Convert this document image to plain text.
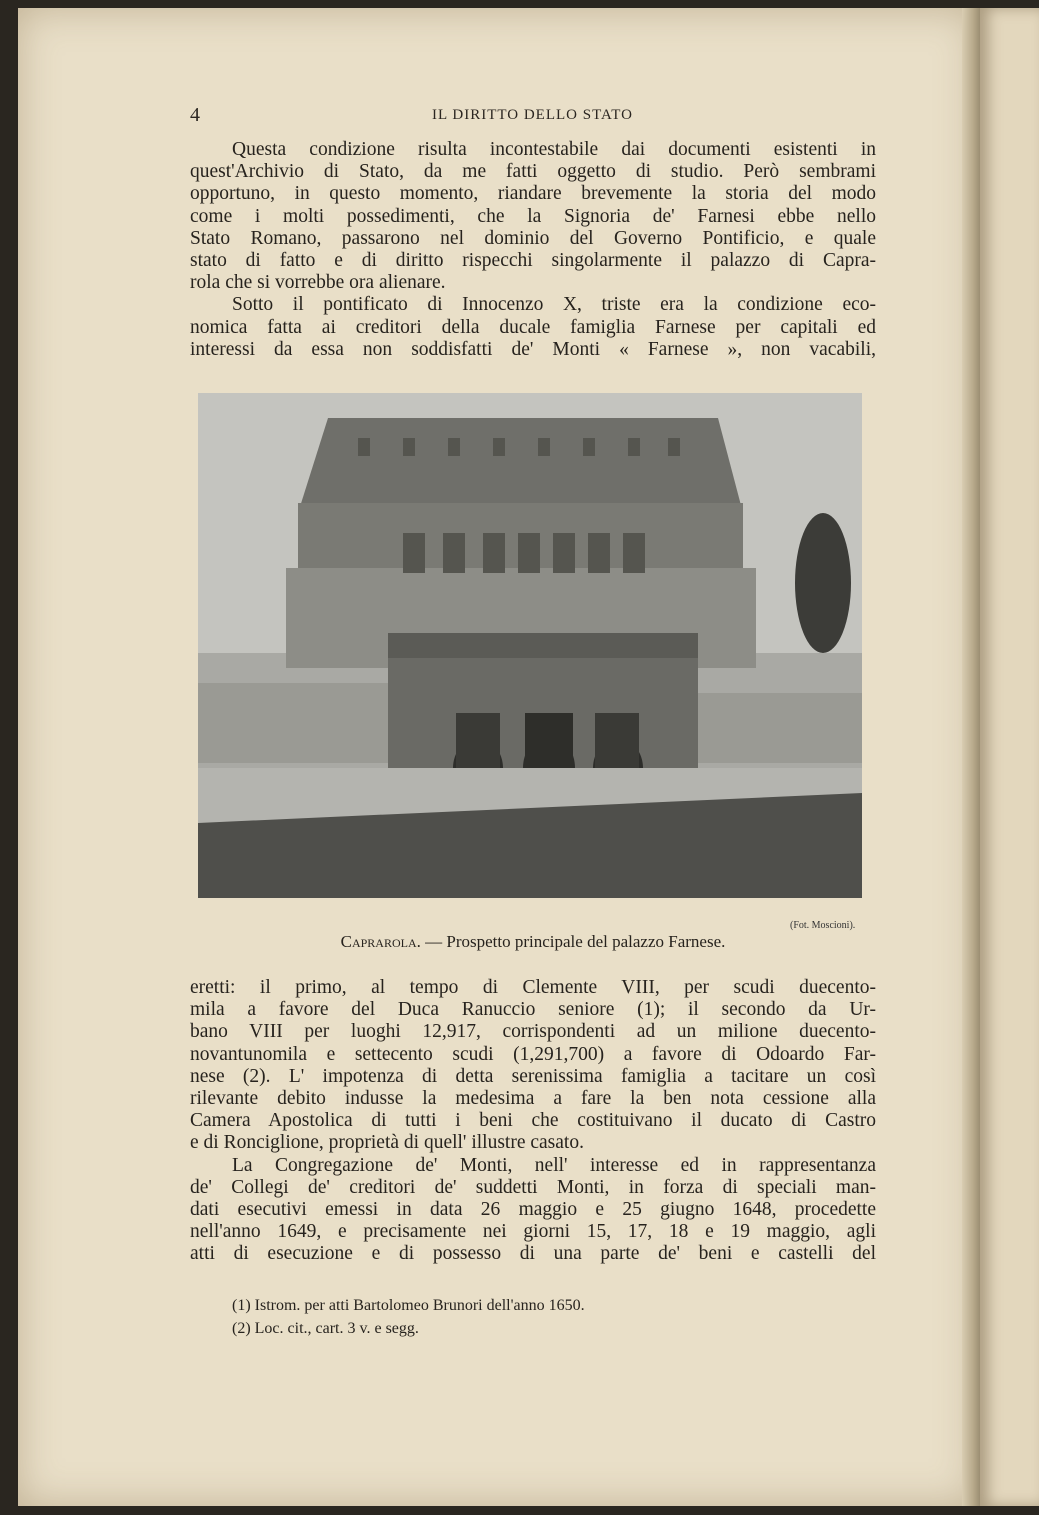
4	IL DIRITTO DELLO STATO
Questa condizione risulta incontestabile dai documenti esistenti in
quest'Archivio di Stato, da me fatti oggetto di studio. Però sembrami
opportuno, in questo momento, riandare brevemente la storia del modo
come i molti possedimenti, che la Signoria de' Farnesi ebbe nello
Stato Romano, passarono nel dominio del Governo Pontificio, e quale
stato di fatto e di diritto rispecchi singolarmente il palazzo di Capra-
rola che si vorrebbe ora alienare.
Sotto il pontificato di Innocenzo X, triste era la condizione eco-
nomica fatta ai creditori della ducale famiglia Farnese per capitali ed
interessi da essa non soddisfatti de' Monti « Farnese », non vacabili,
(Fot. Moscioni).
Caprarola. — Prospetto principale del palazzo Farnese.
eretti: il primo, al tempo di Clemente VIII, per scudi duecento-
mila a favore del Duca Ranuccio seniore (1); il secondo da Ur-
bano VIII per luoghi 12,917, corrispondenti ad un milione duecento-
novantunomila e settecento scudi (1,291,700) a favore di Odoardo Far-
nese (2). L' impotenza di detta serenissima famiglia a tacitare un così
rilevante debito indusse la medesima a fare la ben nota cessione alla
Camera Apostolica di tutti i beni che costituivano il ducato di Castro
e di Ronciglione, proprietà di quell' illustre casato.
La Congregazione de' Monti, nell' interesse ed in rappresentanza
de' Collegi de' creditori de' suddetti Monti, in forza di speciali man-
dati esecutivi emessi in data 26 maggio e 25 giugno 1648, procedette
nell'anno 1649, e precisamente nei giorni 15, 17, 18 e 19 maggio, agli
atti di esecuzione e di possesso di una parte de' beni e castelli del
(1) Istrom. per atti Bartolomeo Brunori dell'anno 1650.
(2) Loc. cit., cart. 3 v. e segg.
